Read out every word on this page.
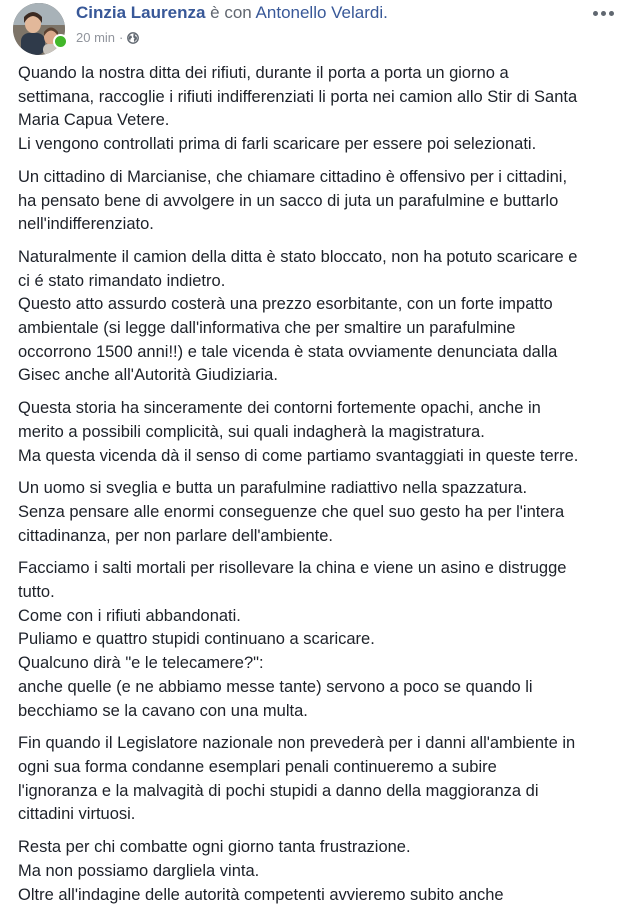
Cinzia Laurenza è con Antonello Velardi.
20 min ·
Quando la nostra ditta dei rifiuti, durante il porta a porta un giorno a
settimana, raccoglie i rifiuti indifferenziati li porta nei camion allo Stir di Santa
Maria Capua Vetere.
Li vengono controllati prima di farli scaricare per essere poi selezionati.
Un cittadino di Marcianise, che chiamare cittadino è offensivo per i cittadini,
ha pensato bene di avvolgere in un sacco di juta un parafulmine e buttarlo
nell'indifferenziato.
Naturalmente il camion della ditta è stato bloccato, non ha potuto scaricare e
ci é stato rimandato indietro.
Questo atto assurdo costerà una prezzo esorbitante, con un forte impatto
ambientale (si legge dall'informativa che per smaltire un parafulmine
occorrono 1500 anni!!) e tale vicenda è stata ovviamente denunciata dalla
Gisec anche all'Autorità Giudiziaria.
Questa storia ha sinceramente dei contorni fortemente opachi, anche in
merito a possibili complicità, sui quali indagherà la magistratura.
Ma questa vicenda dà il senso di come partiamo svantaggiati in queste terre.
Un uomo si sveglia e butta un parafulmine radiattivo nella spazzatura.
Senza pensare alle enormi conseguenze che quel suo gesto ha per l'intera
cittadinanza, per non parlare dell'ambiente.
Facciamo i salti mortali per risollevare la china e viene un asino e distrugge
tutto.
Come con i rifiuti abbandonati.
Puliamo e quattro stupidi continuano a scaricare.
Qualcuno dirà "e le telecamere?":
anche quelle (e ne abbiamo messe tante) servono a poco se quando li
becchiamo se la cavano con una multa.
Fin quando il Legislatore nazionale non prevederà per i danni all'ambiente in
ogni sua forma condanne esemplari penali continueremo a subire
l'ignoranza e la malvagità di pochi stupidi a danno della maggioranza di
cittadini virtuosi.
Resta per chi combatte ogni giorno tanta frustrazione.
Ma non possiamo dargliela vinta.
Oltre all'indagine delle autorità competenti avvieremo subito anche
